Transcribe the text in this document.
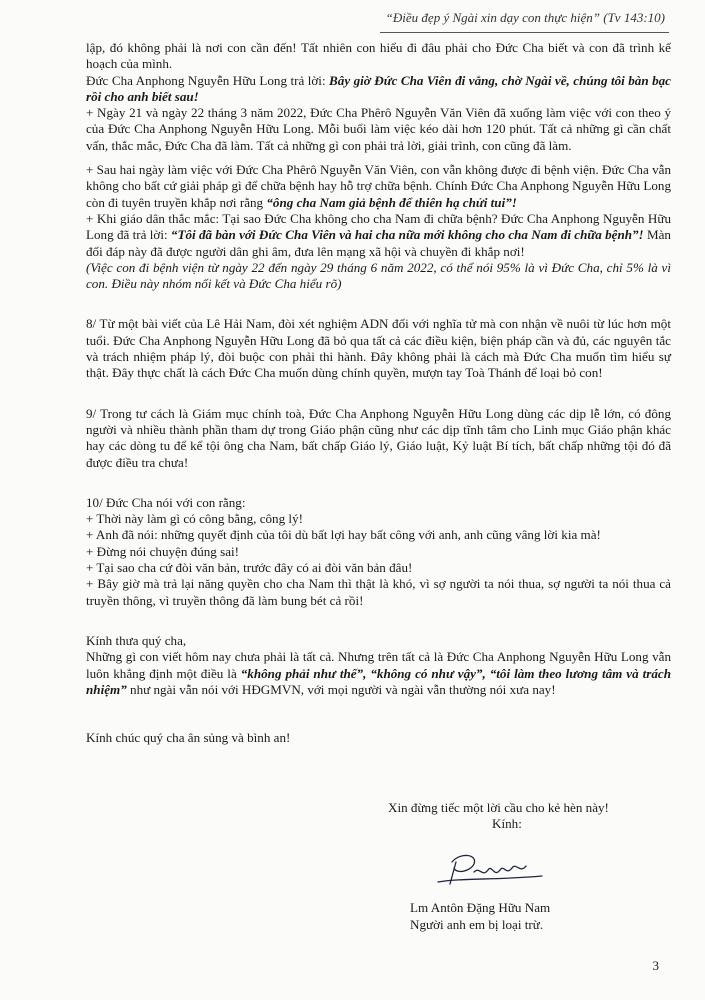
“Điều đẹp ý Ngài xin dạy con thực hiện” (Tv 143:10)

lập, đó không phải là nơi con cần đến! Tất nhiên con hiểu đi đâu phải cho Đức Cha biết và con đã trình kế hoạch của mình.

Đức Cha Anphong Nguyễn Hữu Long trả lời: Bây giờ Đức Cha Viên đi vắng, chờ Ngài về, chúng tôi bàn bạc rồi cho anh biết sau!

+ Ngày 21 và ngày 22 tháng 3 năm 2022, Đức Cha Phêrô Nguyễn Văn Viên đã xuống làm việc với con theo ý của Đức Cha Anphong Nguyễn Hữu Long. Mỗi buổi làm việc kéo dài hơn 120 phút. Tất cả những gì cần chất vấn, thắc mắc, Đức Cha đã làm. Tất cả những gì con phải trả lời, giải trình, con cũng đã làm.

+ Sau hai ngày làm việc với Đức Cha Phêrô Nguyễn Văn Viên, con vẫn không được đi bệnh viện. Đức Cha vẫn không cho bất cứ giải pháp gì để chữa bệnh hay hỗ trợ chữa bệnh. Chính Đức Cha Anphong Nguyễn Hữu Long còn đi tuyên truyền khắp nơi rằng “ông cha Nam giả bệnh để thiên hạ chửi tui”!

+ Khi giáo dân thắc mắc: Tại sao Đức Cha không cho cha Nam đi chữa bệnh? Đức Cha Anphong Nguyễn Hữu Long đã trả lời: “Tôi đã bàn với Đức Cha Viên và hai cha nữa mới không cho cha Nam đi chữa bệnh”! Màn đối đáp này đã được người dân ghi âm, đưa lên mạng xã hội và chuyền đi khắp nơi!

(Việc con đi bệnh viện từ ngày 22 đến ngày 29 tháng 6 năm 2022, có thể nói 95% là vì Đức Cha, chỉ 5% là vì con. Điều này nhóm nối kết và Đức Cha hiểu rõ)

8/ Từ một bài viết của Lê Hải Nam, đòi xét nghiệm ADN đối với nghĩa tử mà con nhận về nuôi từ lúc hơn một tuổi. Đức Cha Anphong Nguyễn Hữu Long đã bỏ qua tất cả các điều kiện, biện pháp cần và đủ, các nguyên tắc và trách nhiệm pháp lý, đòi buộc con phải thi hành. Đây không phải là cách mà Đức Cha muốn tìm hiểu sự thật. Đây thực chất là cách Đức Cha muốn dùng chính quyền, mượn tay Toà Thánh để loại bỏ con!

9/ Trong tư cách là Giám mục chính toà, Đức Cha Anphong Nguyễn Hữu Long dùng các dịp lễ lớn, có đông người và nhiều thành phần tham dự trong Giáo phận cũng như các dịp tĩnh tâm cho Linh mục Giáo phận khác hay các dòng tu để kể tội ông cha Nam, bất chấp Giáo lý, Giáo luật, Kỷ luật Bí tích, bất chấp những tội đó đã được điều tra chưa!

10/ Đức Cha nói với con rằng:

+ Thời này làm gì có công bằng, công lý!

+ Anh đã nói: những quyết định của tôi dù bất lợi hay bất công với anh, anh cũng vâng lời kia mà!

+ Đừng nói chuyện đúng sai!

+ Tại sao cha cứ đòi văn bản, trước đây có ai đòi văn bản đâu!

+ Bây giờ mà trả lại năng quyền cho cha Nam thì thật là khó, vì sợ người ta nói thua, sợ người ta nói thua cả truyền thông, vì truyền thông đã làm bung bét cả rồi!

Kính thưa quý cha,

Những gì con viết hôm nay chưa phải là tất cả. Nhưng trên tất cả là Đức Cha Anphong Nguyễn Hữu Long vẫn luôn khẳng định một điều là “không phải như thế”, “không có như vậy”, “tôi làm theo lương tâm và trách nhiệm” như ngài vẫn nói với HĐGMVN, với mọi người và ngài vẫn thường nói xưa nay!

Kính chúc quý cha ân sủng và bình an!

Xin đừng tiếc một lời cầu cho kẻ hèn này!

Kính:

Lm Antôn Đặng Hữu Nam
Người anh em bị loại trừ.
3
